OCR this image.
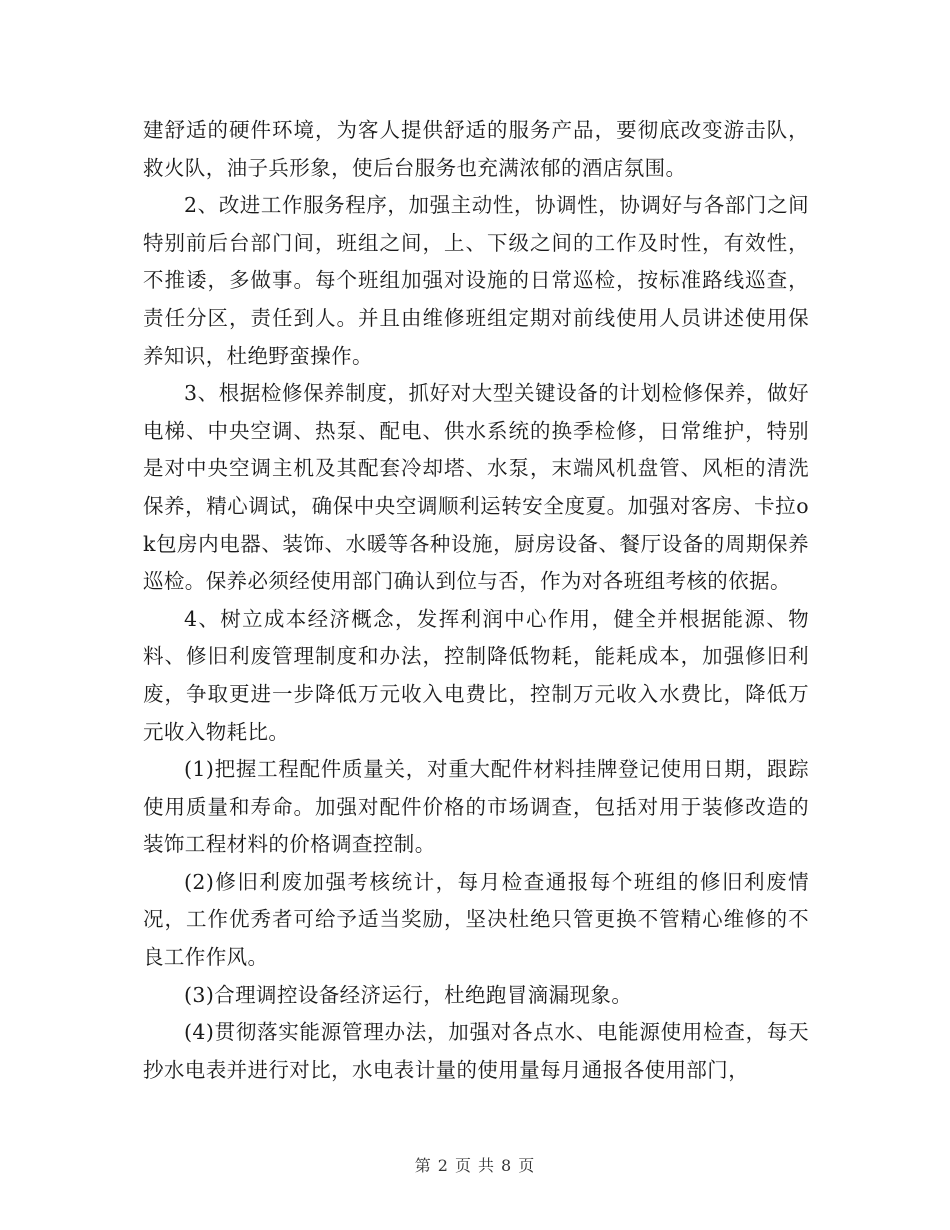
建舒适的硬件环境，为客人提供舒适的服务产品，要彻底改变游击队，救火队，油子兵形象，使后台服务也充满浓郁的酒店氛围。

2、改进工作服务程序，加强主动性，协调性，协调好与各部门之间特别前后台部门间，班组之间，上、下级之间的工作及时性，有效性，不推诿，多做事。每个班组加强对设施的日常巡检，按标准路线巡查，责任分区，责任到人。并且由维修班组定期对前线使用人员讲述使用保养知识，杜绝野蛮操作。

3、根据检修保养制度，抓好对大型关键设备的计划检修保养，做好电梯、中央空调、热泵、配电、供水系统的换季检修，日常维护，特别是对中央空调主机及其配套冷却塔、水泵，末端风机盘管、风柜的清洗保养，精心调试，确保中央空调顺利运转安全度夏。加强对客房、卡拉ok包房内电器、装饰、水暖等各种设施，厨房设备、餐厅设备的周期保养巡检。保养必须经使用部门确认到位与否，作为对各班组考核的依据。

4、树立成本经济概念，发挥利润中心作用，健全并根据能源、物料、修旧利废管理制度和办法，控制降低物耗，能耗成本，加强修旧利废，争取更进一步降低万元收入电费比，控制万元收入水费比，降低万元收入物耗比。

(1)把握工程配件质量关，对重大配件材料挂牌登记使用日期，跟踪使用质量和寿命。加强对配件价格的市场调查，包括对用于装修改造的装饰工程材料的价格调查控制。

(2)修旧利废加强考核统计，每月检查通报每个班组的修旧利废情况，工作优秀者可给予适当奖励，坚决杜绝只管更换不管精心维修的不良工作作风。

(3)合理调控设备经济运行，杜绝跑冒滴漏现象。

(4)贯彻落实能源管理办法，加强对各点水、电能源使用检查，每天抄水电表并进行对比，水电表计量的使用量每月通报各使用部门，

第 2 页 共 8 页
